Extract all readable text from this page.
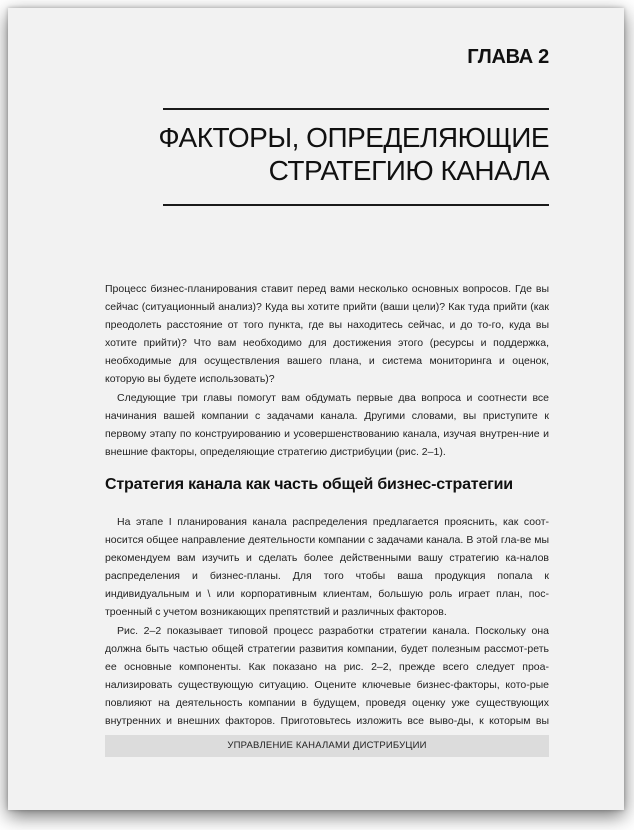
ГЛАВА 2
ФАКТОРЫ, ОПРЕДЕЛЯЮЩИЕ
СТРАТЕГИЮ КАНАЛА

Процесс бизнес-планирования ставит перед вами несколько основных вопросов. Где вы сейчас (ситуационный анализ)? Куда вы хотите прийти (ваши цели)? Как туда прийти (как преодолеть расстояние от того пункта, где вы находитесь сейчас, и до то-го, куда вы хотите прийти)? Что вам необходимо для достижения этого (ресурсы и поддержка, необходимые для осуществления вашего плана, и система мониторинга и оценок, которую вы будете использовать)?

Следующие три главы помогут вам обдумать первые два вопроса и соотнести все начинания вашей компании с задачами канала. Другими словами, вы приступите к первому этапу по конструированию и усовершенствованию канала, изучая внутрен-ние и внешние факторы, определяющие стратегию дистрибуции (рис. 2–1).

Стратегия канала как часть общей бизнес-стратегии

На этапе I планирования канала распределения предлагается прояснить, как соот-носится общее направление деятельности компании с задачами канала. В этой гла-ве мы рекомендуем вам изучить и сделать более действенными вашу стратегию ка-налов распределения и бизнес-планы. Для того чтобы ваша продукция попала к индивидуальным и \ или корпоративным клиентам, большую роль играет план, пос-троенный с учетом возникающих препятствий и различных факторов.

Рис. 2–2 показывает типовой процесс разработки стратегии канала. Поскольку она должна быть частью общей стратегии развития компании, будет полезным рассмот-реть ее основные компоненты. Как показано на рис. 2–2, прежде всего следует проа-нализировать существующую ситуацию. Оцените ключевые бизнес-факторы, кото-рые повлияют на деятельность компании в будущем, проведя оценку уже существующих внутренних и внешних факторов. Приготовьтесь изложить все выво-ды, к которым вы

УПРАВЛЕНИЕ КАНАЛАМИ ДИСТРИБУЦИИ
